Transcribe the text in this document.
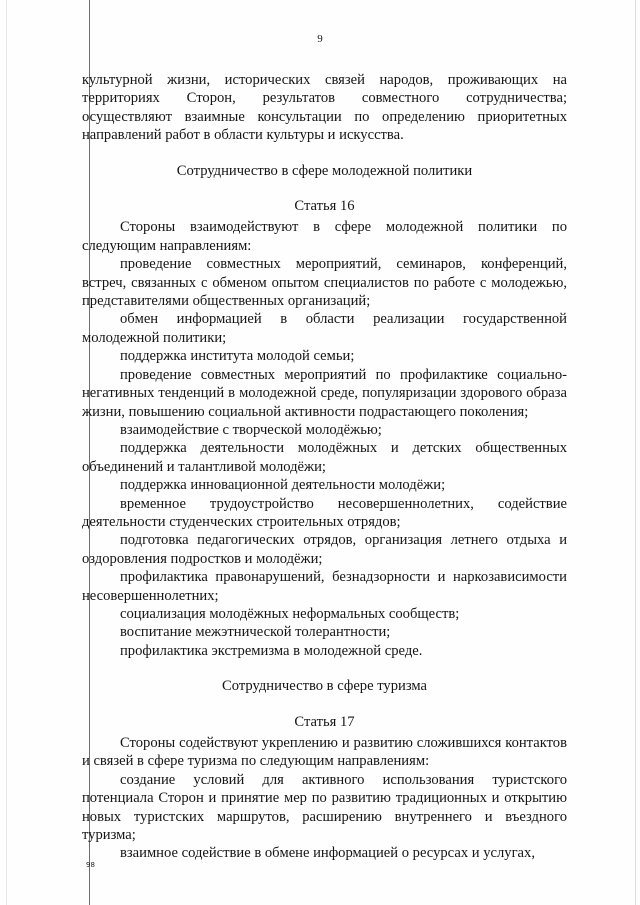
9

культурной жизни, исторических связей народов, проживающих на территориях Сторон, результатов совместного сотрудничества; осуществляют взаимные консультации по определению приоритетных направлений работ в области культуры и искусства.

Сотрудничество в сфере молодежной политики

Статья 16

Стороны взаимодействуют в сфере молодежной политики по следующим направлениям:

проведение совместных мероприятий, семинаров, конференций, встреч, связанных с обменом опытом специалистов по работе с молодежью, представителями общественных организаций;

обмен информацией в области реализации государственной молодежной политики;

поддержка института молодой семьи;

проведение совместных мероприятий по профилактике социально-негативных тенденций в молодежной среде, популяризации здорового образа жизни, повышению социальной активности подрастающего поколения;

взаимодействие с творческой молодёжью;

поддержка деятельности молодёжных и детских общественных объединений и талантливой молодёжи;

поддержка инновационной деятельности молодёжи;

временное трудоустройство несовершеннолетних, содействие деятельности студенческих строительных отрядов;

подготовка педагогических отрядов, организация летнего отдыха и оздоровления подростков и молодёжи;

профилактика правонарушений, безнадзорности и наркозависимости несовершеннолетних;

социализация молодёжных неформальных сообществ;

воспитание межэтнической толерантности;

профилактика экстремизма в молодежной среде.

Сотрудничество в сфере туризма

Статья 17

Стороны содействуют укреплению и развитию сложившихся контактов и связей в сфере туризма по следующим направлениям:

создание условий для активного использования туристского потенциала Сторон и принятие мер по развитию традиционных и открытию новых туристских маршрутов, расширению внутреннего и въездного туризма;

взаимное содействие в обмене информацией о ресурсах и услугах,

98
